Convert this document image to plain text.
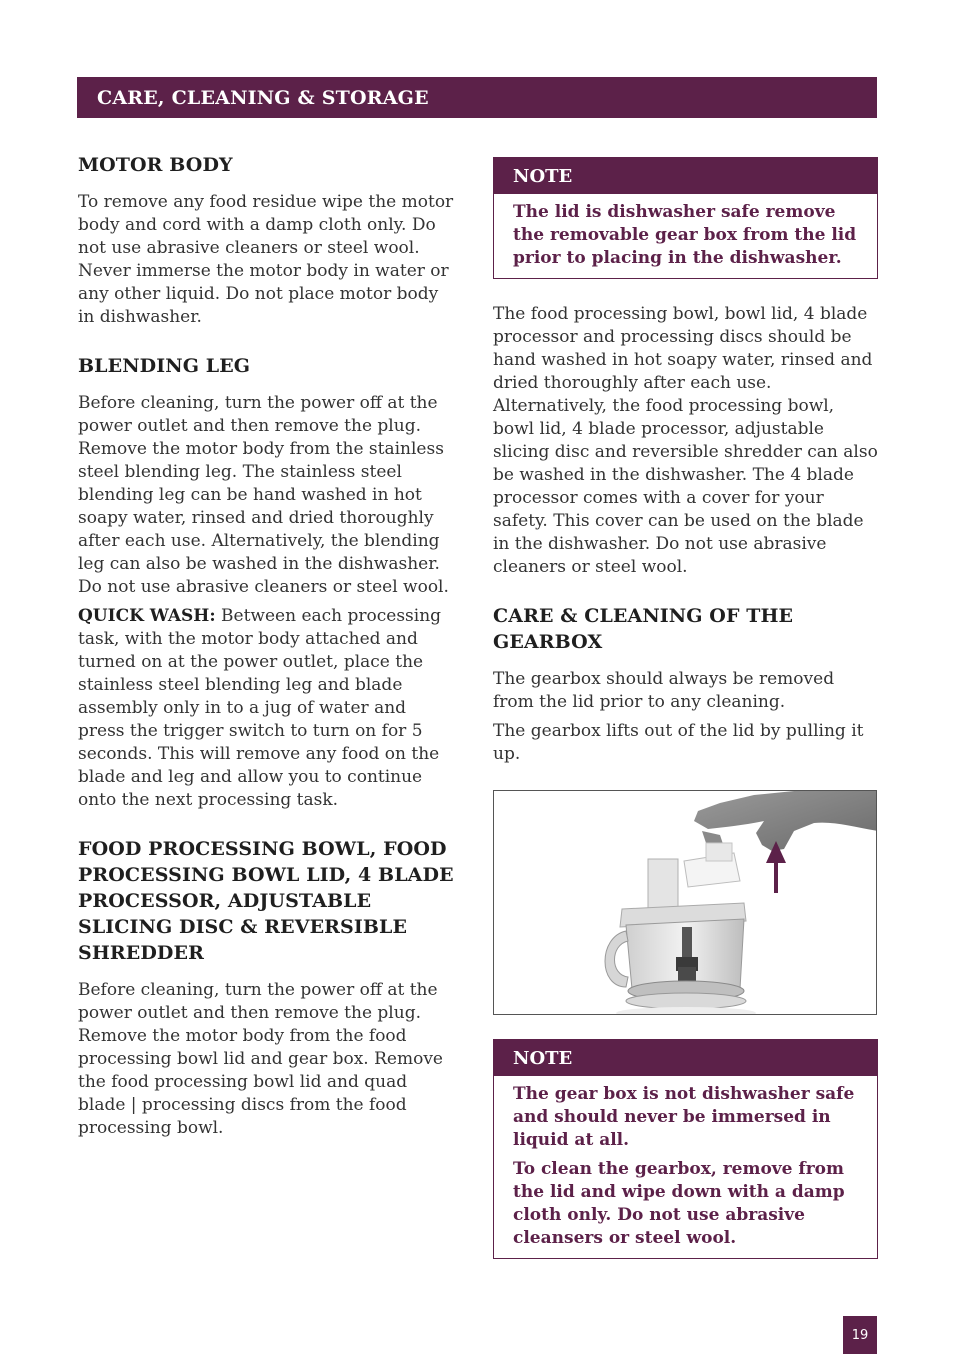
CARE, CLEANING & STORAGE
MOTOR BODY

To remove any food residue wipe the motor body and cord with a damp cloth only. Do not use abrasive cleaners or steel wool. Never immerse the motor body in water or any other liquid. Do not place motor body in dishwasher.

BLENDING LEG

Before cleaning, turn the power off at the power outlet and then remove the plug. Remove the motor body from the stainless steel blending leg. The stainless steel blending leg can be hand washed in hot soapy water, rinsed and dried thoroughly after each use. Alternatively, the blending leg can also be washed in the dishwasher. Do not use abrasive cleaners or steel wool.

QUICK WASH: Between each processing task, with the motor body attached and turned on at the power outlet, place the stainless steel blending leg and blade assembly only in to a jug of water and press the trigger switch to turn on for 5 seconds. This will remove any food on the blade and leg and allow you to continue onto the next processing task.

FOOD PROCESSING BOWL, FOOD PROCESSING BOWL LID, 4 BLADE PROCESSOR, ADJUSTABLE SLICING DISC & REVERSIBLE SHREDDER

Before cleaning, turn the power off at the power outlet and then remove the plug. Remove the motor body from the food processing bowl lid and gear box. Remove the food processing bowl lid and quad blade | processing discs from the food processing bowl.

NOTE

The lid is dishwasher safe remove the removable gear box from the lid prior to placing in the dishwasher.

The food processing bowl, bowl lid, 4 blade processor and processing discs should be hand washed in hot soapy water, rinsed and dried thoroughly after each use. Alternatively, the food processing bowl, bowl lid, 4 blade processor, adjustable slicing disc and reversible shredder can also be washed in the dishwasher. The 4 blade processor comes with a cover for your safety. This cover can be used on the blade in the dishwasher. Do not use abrasive cleaners or steel wool.

CARE & CLEANING OF THE GEARBOX

The gearbox should always be removed from the lid prior to any cleaning.

The gearbox lifts out of the lid by pulling it up.

NOTE

The gear box is not dishwasher safe and should never be immersed in liquid at all.

To clean the gearbox, remove from the lid and wipe down with a damp cloth only. Do not use abrasive cleansers or steel wool.

19
